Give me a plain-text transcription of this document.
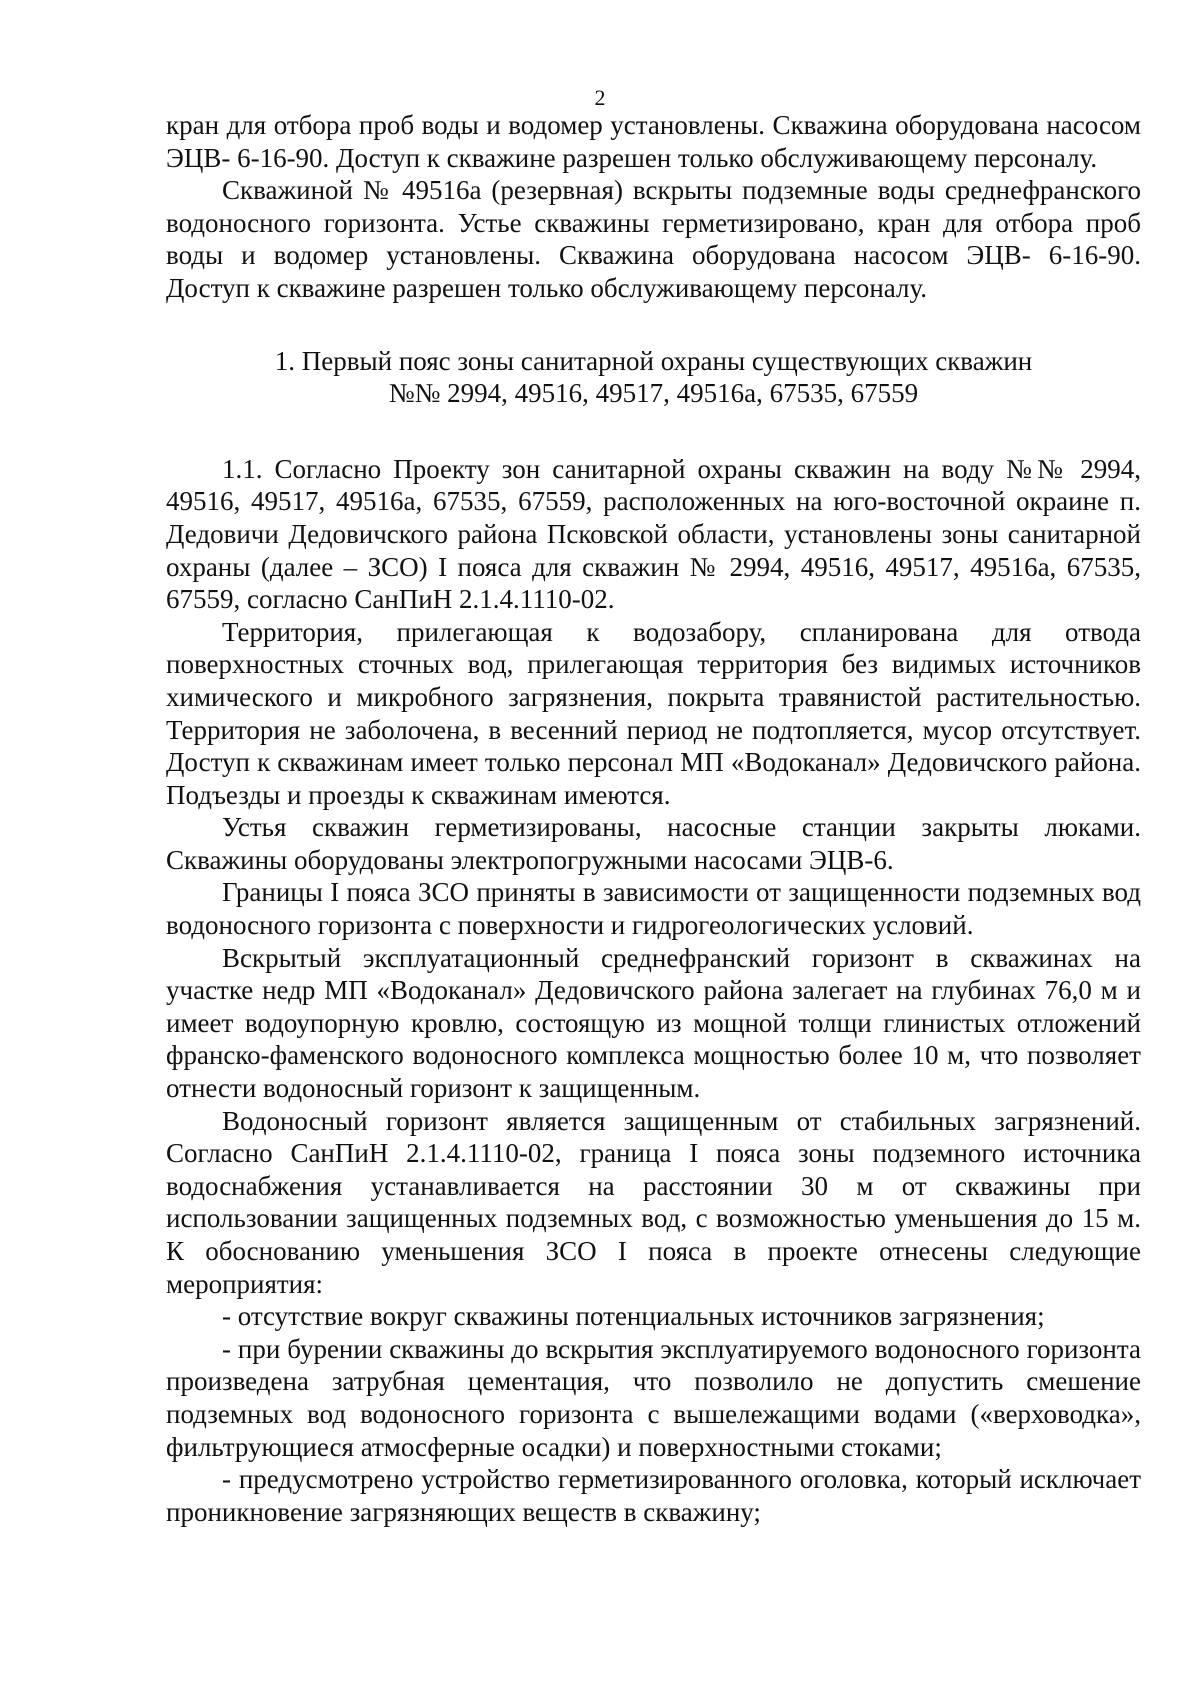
2

кран для отбора проб воды и водомер установлены. Скважина оборудована насосом ЭЦВ- 6-16-90. Доступ к скважине разрешен только обслуживающему персоналу.

Скважиной № 49516а (резервная) вскрыты подземные воды среднефранского водоносного горизонта. Устье скважины герметизировано, кран для отбора проб воды и водомер установлены. Скважина оборудована насосом ЭЦВ- 6-16-90. Доступ к скважине разрешен только обслуживающему персоналу.

1. Первый пояс зоны санитарной охраны существующих скважин
№№ 2994, 49516, 49517, 49516а, 67535, 67559

1.1. Согласно Проекту зон санитарной охраны скважин на воду №№ 2994, 49516, 49517, 49516а, 67535, 67559, расположенных на юго-восточной окраине п. Дедовичи Дедовичского района Псковской области, установлены зоны санитарной охраны (далее – ЗСО) I пояса для скважин № 2994, 49516, 49517, 49516а, 67535, 67559, согласно СанПиН 2.1.4.1110-02.

Территория, прилегающая к водозабору, спланирована для отвода поверхностных сточных вод, прилегающая территория без видимых источников химического и микробного загрязнения, покрыта травянистой растительностью. Территория не заболочена, в весенний период не подтопляется, мусор отсутствует. Доступ к скважинам имеет только персонал МП «Водоканал» Дедовичского района. Подъезды и проезды к скважинам имеются.

Устья скважин герметизированы, насосные станции закрыты люками. Скважины оборудованы электропогружными насосами ЭЦВ-6.

Границы I пояса ЗСО приняты в зависимости от защищенности подземных вод водоносного горизонта с поверхности и гидрогеологических условий.

Вскрытый эксплуатационный среднефранский горизонт в скважинах на участке недр МП «Водоканал» Дедовичского района залегает на глубинах 76,0 м и имеет водоупорную кровлю, состоящую из мощной толщи глинистых отложений франско-фаменского водоносного комплекса мощностью более 10 м, что позволяет отнести водоносный горизонт к защищенным.

Водоносный горизонт является защищенным от стабильных загрязнений. Согласно СанПиН 2.1.4.1110-02, граница I пояса зоны подземного источника водоснабжения устанавливается на расстоянии 30 м от скважины при использовании защищенных подземных вод, с возможностью уменьшения до 15 м. К обоснованию уменьшения ЗСО I пояса в проекте отнесены следующие мероприятия:

- отсутствие вокруг скважины потенциальных источников загрязнения;

- при бурении скважины до вскрытия эксплуатируемого водоносного горизонта произведена затрубная цементация, что позволило не допустить смешение подземных вод водоносного горизонта с вышележащими водами («верховодка», фильтрующиеся атмосферные осадки) и поверхностными стоками;

- предусмотрено устройство герметизированного оголовка, который исключает проникновение загрязняющих веществ в скважину;
